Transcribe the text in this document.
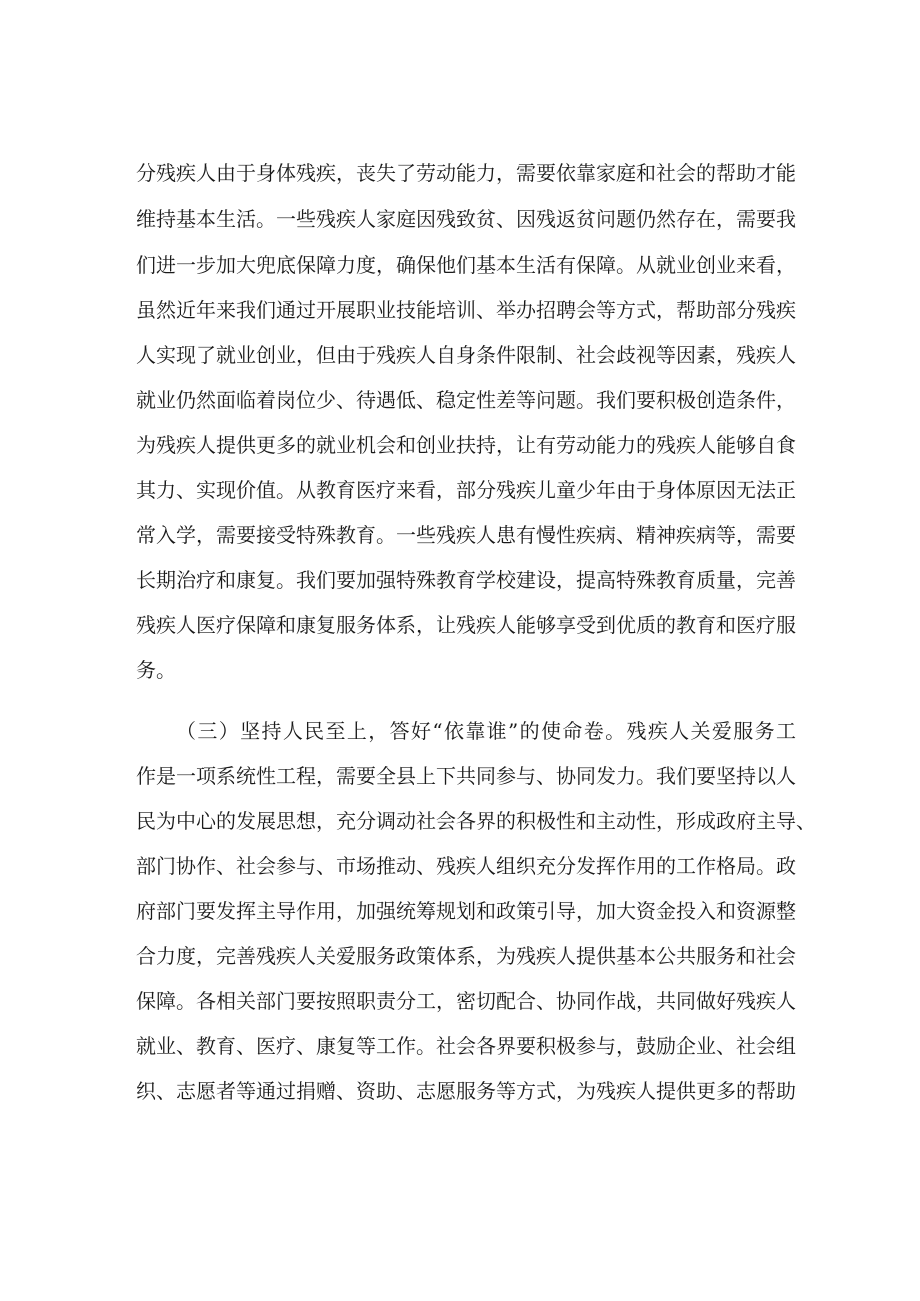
分残疾人由于身体残疾，丧失了劳动能力，需要依靠家庭和社会的帮助才能
维持基本生活。一些残疾人家庭因残致贫、因残返贫问题仍然存在，需要我
们进一步加大兜底保障力度，确保他们基本生活有保障。从就业创业来看，
虽然近年来我们通过开展职业技能培训、举办招聘会等方式，帮助部分残疾
人实现了就业创业，但由于残疾人自身条件限制、社会歧视等因素，残疾人
就业仍然面临着岗位少、待遇低、稳定性差等问题。我们要积极创造条件，
为残疾人提供更多的就业机会和创业扶持，让有劳动能力的残疾人能够自食
其力、实现价值。从教育医疗来看，部分残疾儿童少年由于身体原因无法正
常入学，需要接受特殊教育。一些残疾人患有慢性疾病、精神疾病等，需要
长期治疗和康复。我们要加强特殊教育学校建设，提高特殊教育质量，完善
残疾人医疗保障和康复服务体系，让残疾人能够享受到优质的教育和医疗服
务。
（三）坚持人民至上，答好“依靠谁”的使命卷。残疾人关爱服务工
作是一项系统性工程，需要全县上下共同参与、协同发力。我们要坚持以人
民为中心的发展思想，充分调动社会各界的积极性和主动性，形成政府主导、
部门协作、社会参与、市场推动、残疾人组织充分发挥作用的工作格局。政
府部门要发挥主导作用，加强统筹规划和政策引导，加大资金投入和资源整
合力度，完善残疾人关爱服务政策体系，为残疾人提供基本公共服务和社会
保障。各相关部门要按照职责分工，密切配合、协同作战，共同做好残疾人
就业、教育、医疗、康复等工作。社会各界要积极参与，鼓励企业、社会组
织、志愿者等通过捐赠、资助、志愿服务等方式，为残疾人提供更多的帮助
